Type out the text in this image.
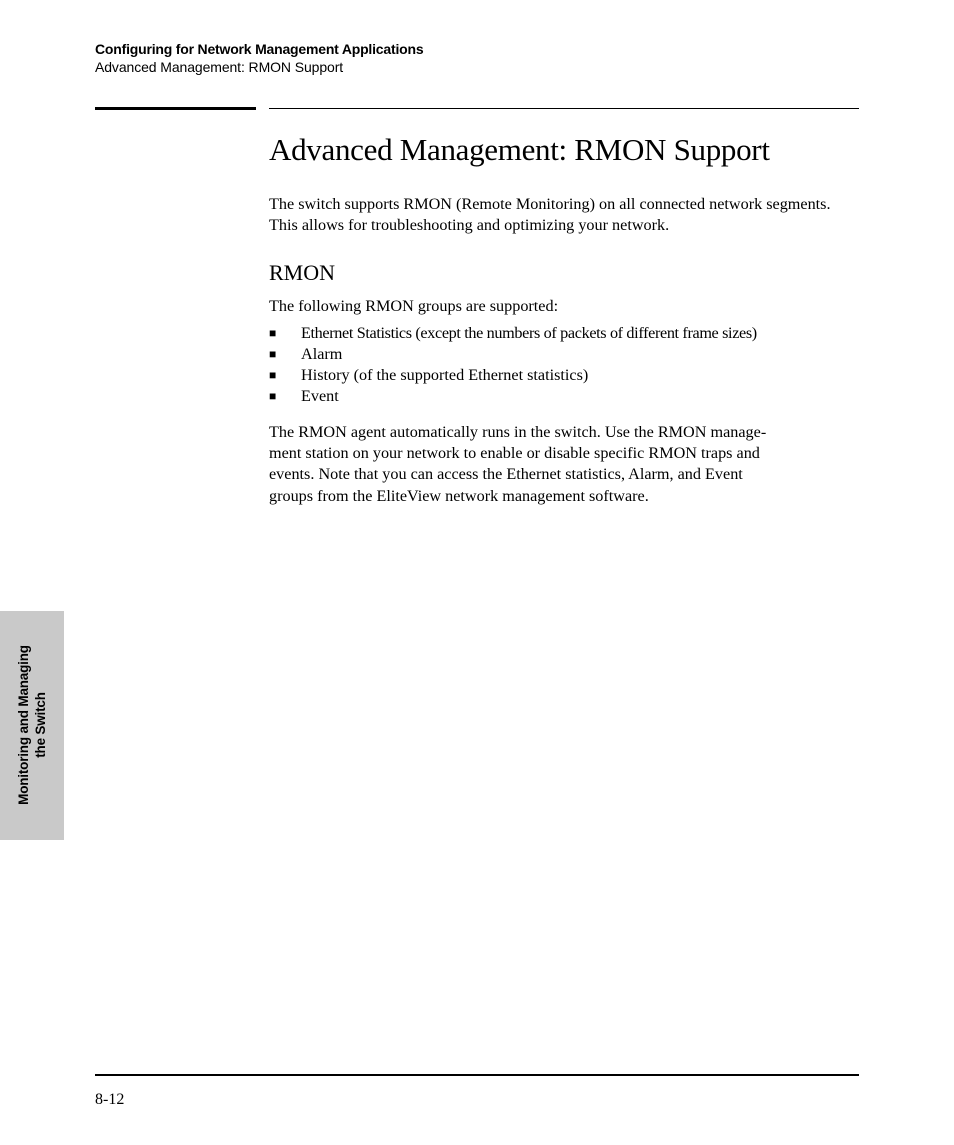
Configuring for Network Management Applications
Advanced Management: RMON Support
Advanced Management: RMON Support

The switch supports RMON (Remote Monitoring) on all connected network segments. This allows for troubleshooting and optimizing your network.

RMON

The following RMON groups are supported:

■ Ethernet Statistics (except the numbers of packets of different frame sizes)
■ Alarm
■ History (of the supported Ethernet statistics)
■ Event

The RMON agent automatically runs in the switch. Use the RMON manage-
ment station on your network to enable or disable specific RMON traps and
events. Note that you can access the Ethernet statistics, Alarm, and Event
groups from the EliteView network management software.

Monitoring and Managing the Switch
8-12
